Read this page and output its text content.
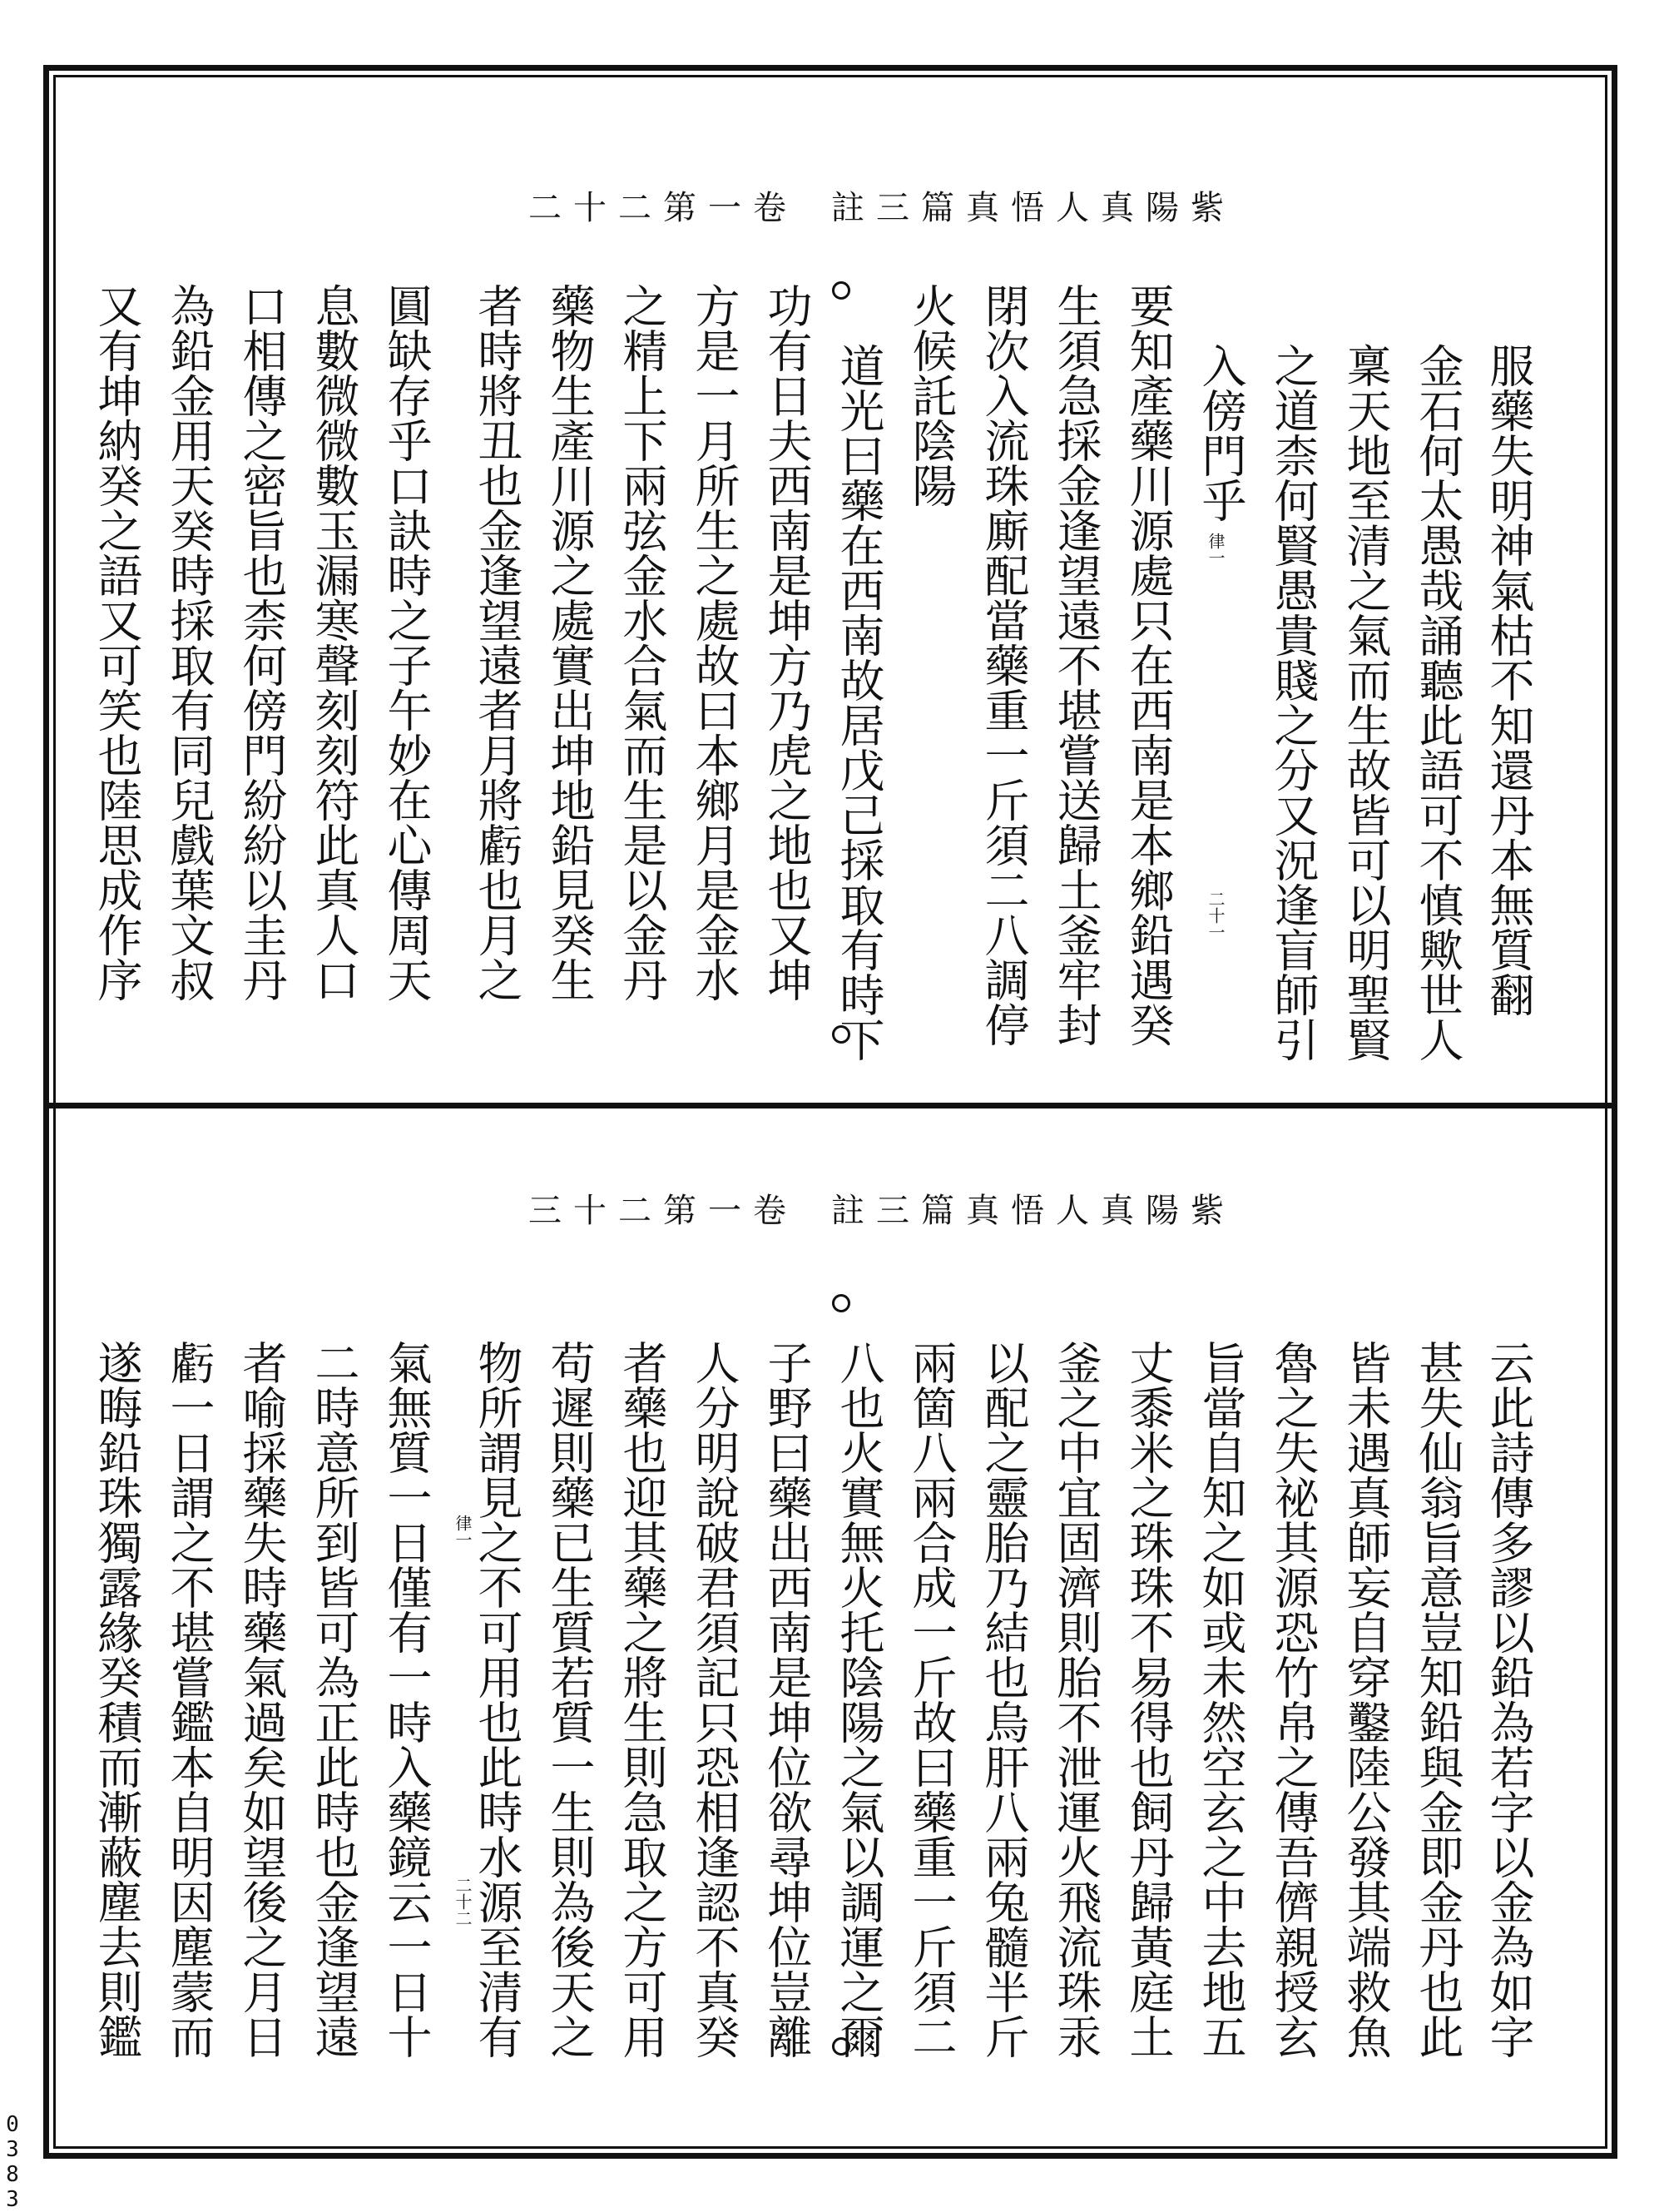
紫陽真人悟真篇三註卷一第二十二
服藥失明神氣枯不知還丹本無質翻
金石何太愚哉誦聽此語可不慎歟世人
稟天地至清之氣而生故皆可以明聖賢
之道柰何賢愚貴賤之分又況逢盲師引
入傍門乎
要知產藥川源處只在西南是本鄉鉛遇癸
生須急採金逢望遠不堪嘗送歸土釜牢封
閉次入流珠廝配當藥重一斤須二八調停
火候託陰陽
道光曰藥在西南故居戊己採取有時下
功有日夫西南是坤方乃虎之地也又坤
方是一月所生之處故曰本鄉月是金水
之精上下兩弦金水合氣而生是以金丹
藥物生產川源之處實出坤地鉛見癸生
者時將丑也金逢望遠者月將虧也月之
圓缺存乎口訣時之子午妙在心傳周天
息數微微數玉漏寒聲刻刻符此真人口
口相傳之密旨也柰何傍門紛紛以圭丹
為鉛金用天癸時採取有同兒戲葉文叔
又有坤納癸之語又可笑也陸思成作序	律一
二十一
紫陽真人悟真篇三註卷一第二十三
云此詩傳多謬以鉛為若字以金為如字
甚失仙翁旨意豈知鉛與金即金丹也此
皆未遇真師妄自穿鑿陸公發其端救魚
魯之失祕其源恐竹帛之傳吾儕親授玄
旨當自知之如或未然空玄之中去地五
丈黍米之珠珠不易得也飼丹歸黃庭土
釜之中宜固濟則胎不泄運火飛流珠汞
以配之靈胎乃結也烏肝八兩兔髓半斤
兩箇八兩合成一斤故曰藥重一斤須二
八也火實無火托陰陽之氣以調運之爾
子野曰藥出西南是坤位欲尋坤位豈離
人分明說破君須記只恐相逢認不真癸
者藥也迎其藥之將生則急取之方可用
苟遲則藥已生質若質一生則為後天之
物所謂見之不可用也此時水源至清有
氣無質一日僅有一時入藥鏡云一日十
二時意所到皆可為正此時也金逢望遠
者喻採藥失時藥氣過矣如望後之月日
虧一日謂之不堪嘗鑑本自明因塵蒙而
遂晦鉛珠獨露緣癸積而漸蔽塵去則鑑	律一
二十二
0383
